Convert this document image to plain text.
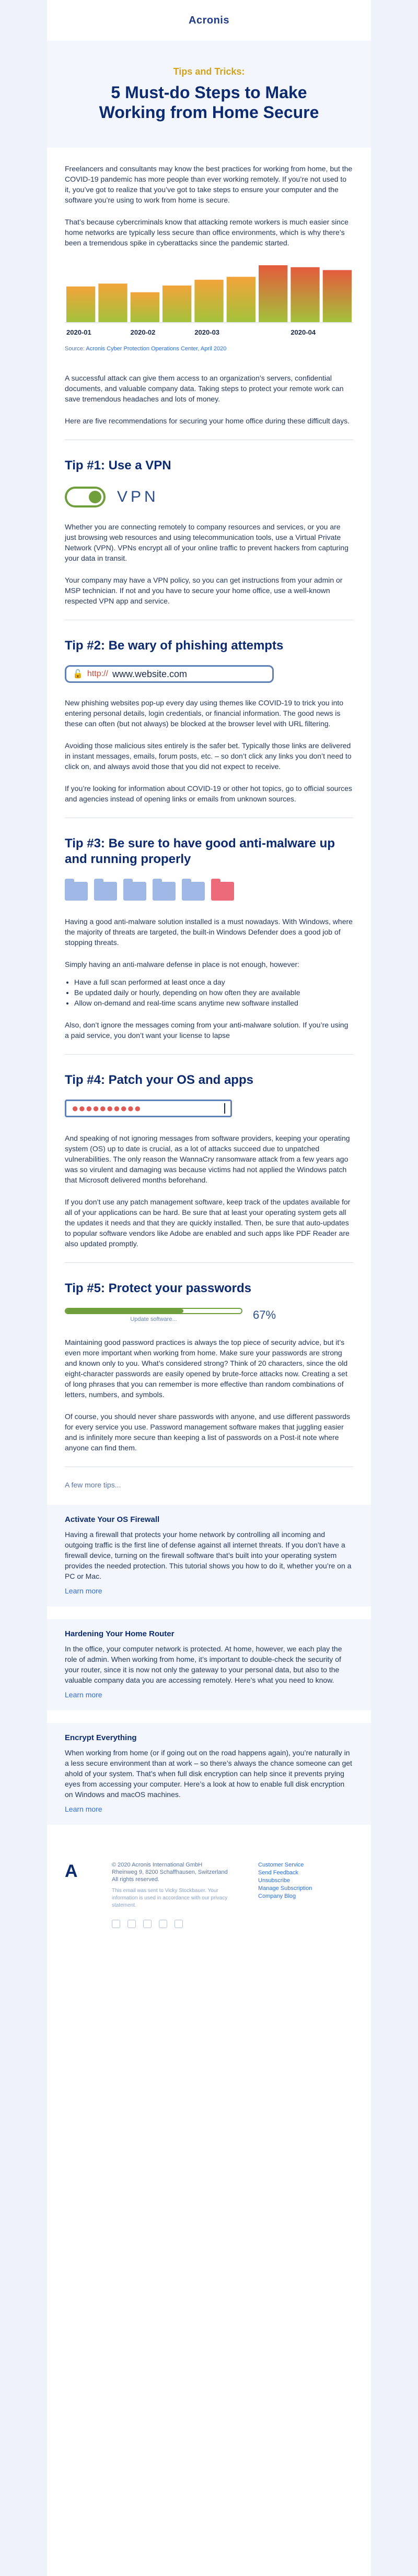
Acronis
Tips and Tricks:
5 Must-do Steps to Make Working from Home Secure

Freelancers and consultants may know the best practices for working from home, but the COVID-19 pandemic has more people than ever working remotely. If you’re not used to it, you’ve got to realize that you’ve got to take steps to ensure your computer and the software you’re using to work from home is secure.

That’s because cybercriminals know that attacking remote workers is much easier since home networks are typically less secure than office environments, which is why there’s been a tremendous spike in cyberattacks since the pandemic started.

2020-01	2020-02	2020-03	2020-04
Source: Acronis Cyber Protection Operations Center, April 2020

A successful attack can give them access to an organization’s servers, confidential documents, and valuable company data. Taking steps to protect your remote work can save tremendous headaches and lots of money.

Here are five recommendations for securing your home office during these difficult days.

Tip #1: Use a VPN
VPN

Whether you are connecting remotely to company resources and services, or you are just browsing web resources and using telecommunication tools, use a Virtual Private Network (VPN). VPNs encrypt all of your online traffic to prevent hackers from capturing your data in transit.

Your company may have a VPN policy, so you can get instructions from your admin or MSP technician. If not and you have to secure your home office, use a well-known respected VPN app and service.

Tip #2: Be wary of phishing attempts
🔓 http:// www.website.com

New phishing websites pop-up every day using themes like COVID-19 to trick you into entering personal details, login credentials, or financial information. The good news is these can often (but not always) be blocked at the browser level with URL filtering.

Avoiding those malicious sites entirely is the safer bet. Typically those links are delivered in instant messages, emails, forum posts, etc. – so don’t click any links you don’t need to click on, and always avoid those that you did not expect to receive.

If you’re looking for information about COVID-19 or other hot topics, go to official sources and agencies instead of opening links or emails from unknown sources.

Tip #3: Be sure to have good anti-malware up and running properly

Having a good anti-malware solution installed is a must nowadays. With Windows, where the majority of threats are targeted, the built-in Windows Defender does a good job of stopping threats.

Simply having an anti-malware defense in place is not enough, however:

• Have a full scan performed at least once a day
• Be updated daily or hourly, depending on how often they are available
• Allow on-demand and real-time scans anytime new software installed

Also, don’t ignore the messages coming from your anti-malware solution. If you’re using a paid service, you don’t want your license to lapse

Tip #4: Patch your OS and apps
●●●●●●●●●●

And speaking of not ignoring messages from software providers, keeping your operating system (OS) up to date is crucial, as a lot of attacks succeed due to unpatched vulnerabilities. The only reason the WannaCry ransomware attack from a few years ago was so virulent and damaging was because victims had not applied the Windows patch that Microsoft delivered months beforehand.

If you don’t use any patch management software, keep track of the updates available for all of your applications can be hard. Be sure that at least your operating system gets all the updates it needs and that they are quickly installed. Then, be sure that auto-updates to popular software vendors like Adobe are enabled and such apps like PDF Reader are also updated promptly.

Tip #5: Protect your passwords
Update software...	67%

Maintaining good password practices is always the top piece of security advice, but it’s even more important when working from home. Make sure your passwords are strong and known only to you. What’s considered strong? Think of 20 characters, since the old eight-character passwords are easily opened by brute-force attacks now. Creating a set of long phrases that you can remember is more effective than random combinations of letters, numbers, and symbols.

Of course, you should never share passwords with anyone, and use different passwords for every service you use. Password management software makes that juggling easier and is infinitely more secure than keeping a list of passwords on a Post-it note where anyone can find them.

A few more tips...
Activate Your OS Firewall

Having a firewall that protects your home network by controlling all incoming and outgoing traffic is the first line of defense against all internet threats. If you don’t have a firewall device, turning on the firewall software that’s built into your operating system provides the needed protection. This tutorial shows you how to do it, whether you’re on a PC or Mac.

Learn more
Hardening Your Home Router

In the office, your computer network is protected. At home, however, we each play the role of admin. When working from home, it’s important to double-check the security of your router, since it is now not only the gateway to your personal data, but also to the valuable company data you are accessing remotely. Here’s what you need to know.

Learn more
Encrypt Everything

When working from home (or if going out on the road happens again), you’re naturally in a less secure environment than at work – so there’s always the chance someone can get ahold of your system. That’s when full disk encryption can help since it prevents prying eyes from accessing your computer. Here’s a look at how to enable full disk encryption on Windows and macOS machines.

Learn more
A	© 2020 Acronis International GmbH
Rheinweg 9, 8200 Schaffhausen, Switzerland
All rights reserved.
This email was sent to Vicky Stockbauer. Your information is used in accordance with our privacy statement.
Customer Service
Send Feedback
Unsubscribe
Manage Subscription
Company Blog
